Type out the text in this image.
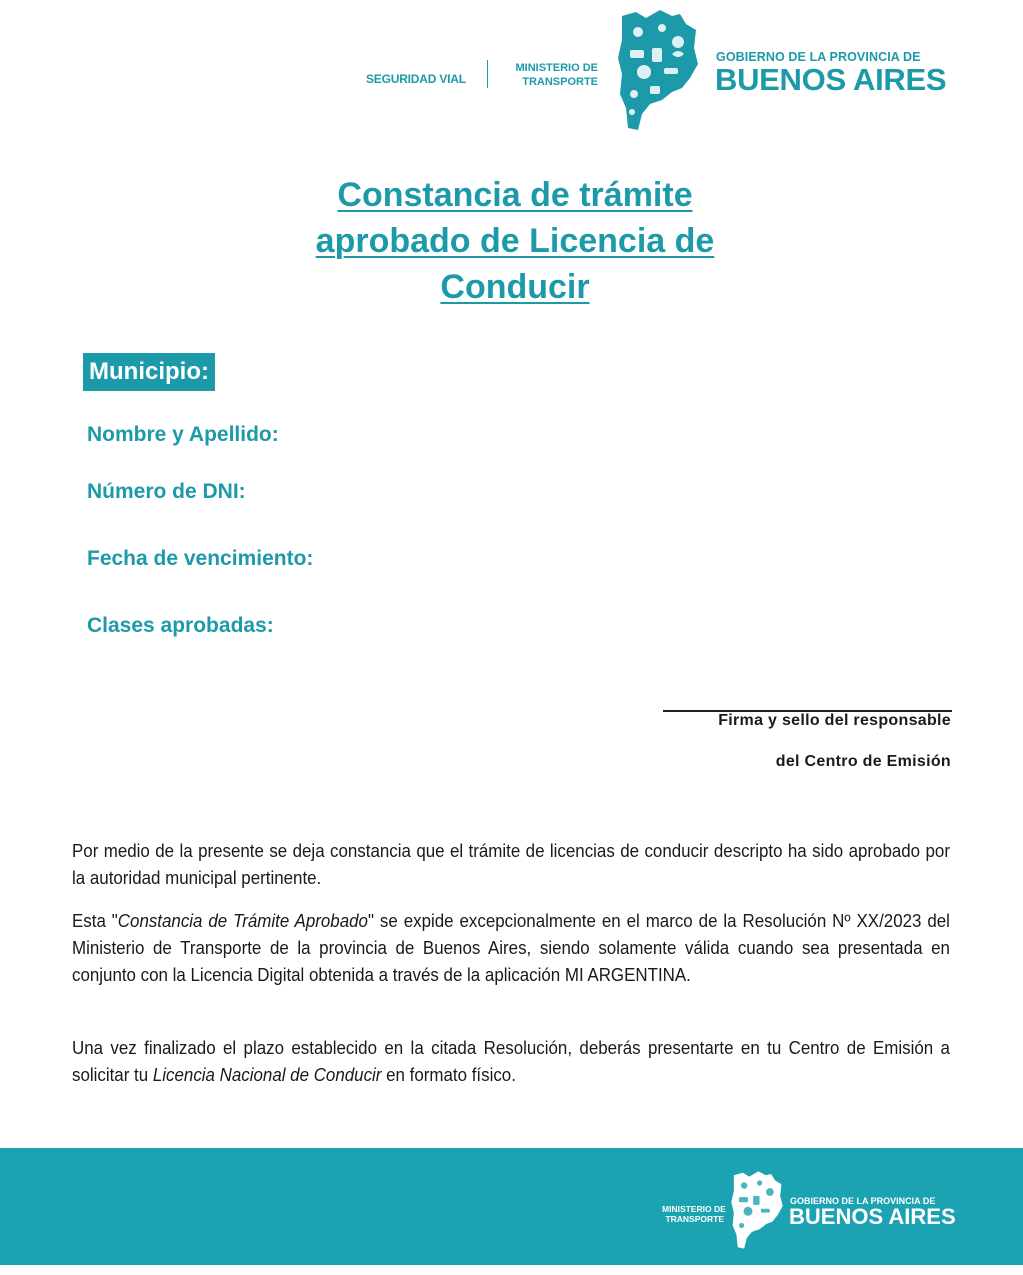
SEGURIDAD VIAL
MINISTERIO DE
TRANSPORTE
GOBIERNO DE LA PROVINCIA DE
BUENOS AIRES
Constancia de trámite
aprobado de Licencia de
Conducir
Municipio:
Nombre y Apellido:
Número de DNI:
Fecha de vencimiento:
Clases aprobadas:
Firma y sello del responsable
del Centro de Emisión

Por medio de la presente se deja constancia que el trámite de licencias de conducir descripto ha sido aprobado por la autoridad municipal pertinente.

Esta "Constancia de Trámite Aprobado" se expide excepcionalmente en el marco de la Resolución Nº XX/2023 del Ministerio de Transporte de la provincia de Buenos Aires, siendo solamente válida cuando sea presentada en conjunto con la Licencia Digital obtenida a través de la aplicación MI ARGENTINA.

Una vez finalizado el plazo establecido en la citada Resolución, deberás presentarte en tu Centro de Emisión a solicitar tu Licencia Nacional de Conducir en formato físico.

MINISTERIO DE
TRANSPORTE
GOBIERNO DE LA PROVINCIA DE
BUENOS AIRES
